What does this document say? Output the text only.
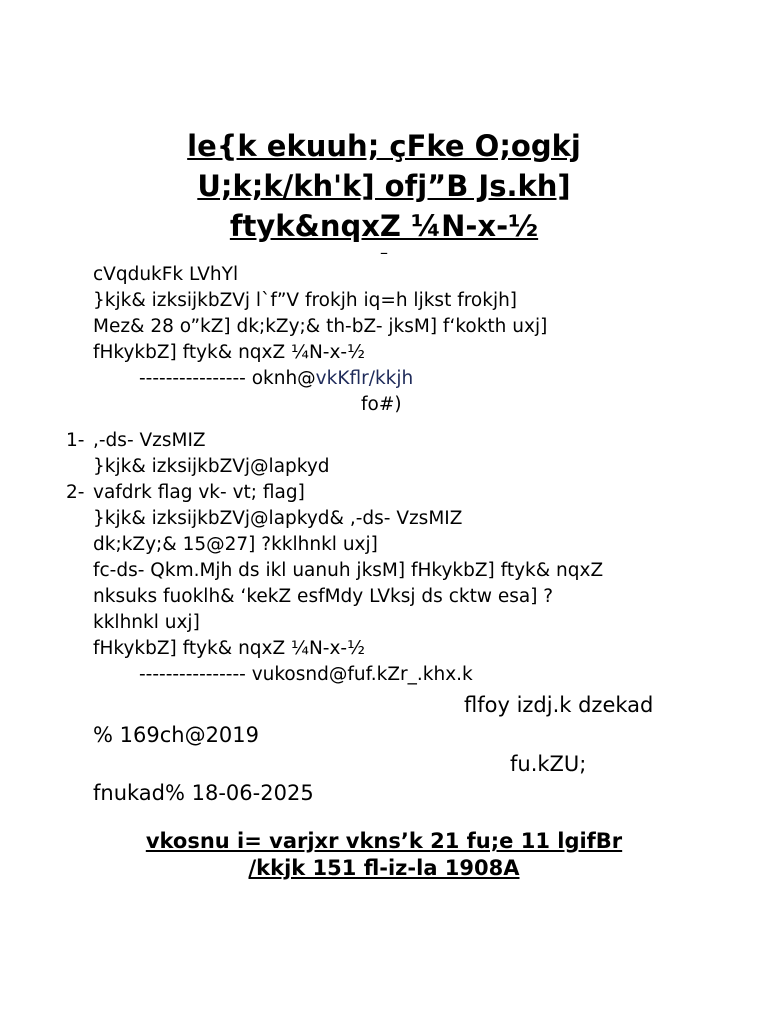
le{k ekuuh; çFke O;ogkj
U;k;k/kh'k] ofj”B Js.kh]
ftyk&nqxZ ¼N-x-½
–
cVqdukFk LVhYl
}kjk& izksijkbZVj l`f”V frokjh iq=h ljkst frokjh]
Mez& 28 o”kZ] dk;kZy;& th-bZ- jksM] f‘kokth uxj]
fHkykbZ] ftyk& nqxZ ¼N-x-½
---------------- oknh@vkKflr/kkjh
fo#)
1- ,-ds- VzsMIZ
}kjk& izksijkbZVj@lapkyd
2- vafdrk flag vk- vt; flag]
}kjk& izksijkbZVj@lapkyd& ,-ds- VzsMIZ
dk;kZy;& 15@27] ?kklhnkl uxj]
fc-ds- Qkm.Mjh ds ikl uanuh jksM] fHkykbZ] ftyk& nqxZ
nksuks fuoklh& ‘kekZ esfMdy LVksj ds cktw esa] ?
kklhnkl uxj]
fHkykbZ] ftyk& nqxZ ¼N-x-½
---------------- vukosnd@fuf.kZr_.khx.k
flfoy izdj.k dzekad
% 169ch@2019
fu.kZU;
fnukad% 18-06-2025
vkosnu i= varjxr vkns’k 21 fu;e 11 lgifBr
/kkjk 151 fl-iz-la 1908A
